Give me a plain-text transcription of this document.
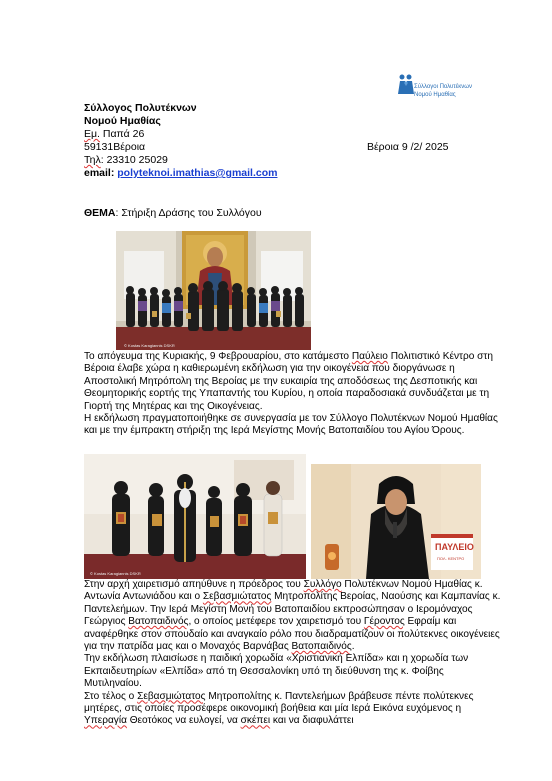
Σύλλογοι Πολυτέκνων
Νομού Ημαθίας
Σύλλογος Πολυτέκνων
Νομού Ημαθίας
Εμ. Παπά 26
59131Βέροια
Τηλ: 23310 25029
email: polyteknoi.imathias@gmail.com
Βέροια 9 /2/ 2025
ΘΕΜΑ: Στήριξη Δράσης του Συλλόγου
© Kostas Karagiannis DSKR

Το απόγευμα της Κυριακής, 9 Φεβρουαρίου, στο κατάμεστο Παύλειο Πολιτιστικό Κέντρο στη Βέροια έλαβε χώρα η καθιερωμένη εκδήλωση για την οικογένεια που διοργάνωσε η Αποστολική Μητρόπολη της Βεροίας με την ευκαιρία της αποδόσεως της Δεσποτικής και Θεομητορικής εορτής της Υπαπαντής του Κυρίου, η οποία παραδοσιακά συνδυάζεται με τη Γιορτή της Μητέρας και της Οικογένειας.

Η εκδήλωση πραγματοποιήθηκε σε συνεργασία με τον Σύλλογο Πολυτέκνων Νομού Ημαθίας και με την έμπρακτη στήριξη της Ιερά Μεγίστης Μονής Βατοπαιδίου του Αγίου Όρους.

© Kostas Karagiannis DSKR
ΠΑΥΛΕΙΟ
ΠΟΛ. ΚΕΝΤΡΟ

Στην αρχή χαιρετισμό απηύθυνε η πρόεδρος του Συλλόγο Πολυτέκνων Νομού Ημαθίας κ. Αντωνία Αντωνιάδου και ο Σεβασμιώτατος Μητροπολίτης Βεροίας, Ναούσης και Καμπανίας κ. Παντελεήμων. Την Ιερά Μεγίστη Μονή του Βατοπαιδίου εκπροσώπησαν ο Ιερομόναχος Γεώργιος Βατοπαιδινός, ο οποίος μετέφερε τον χαιρετισμό του Γέροντος Εφραίμ και αναφέρθηκε στον σπουδαίο και αναγκαίο ρόλο που διαδραματίζουν οι πολύτεκνες οικογένειες για την πατρίδα μας και ο Μοναχός Βαρνάβας Βατοπαιδινός.

Την εκδήλωση πλαισίωσε η παιδική χορωδία «Χριστιανική Ελπίδα» και η χορωδία των Εκπαιδευτηρίων «Ελπίδα» από τη Θεσσαλονίκη υπό τη διεύθυνση της κ. Φοίβης Μυτιληναίου.

Στο τέλος ο Σεβασμιώτατος Μητροπολίτης κ. Παντελεήμων βράβευσε πέντε πολύτεκνες μητέρες, στις οποίες προσέφερε οικονομική βοήθεια και μία Ιερά Εικόνα ευχόμενος η Υπεραγία Θεοτόκος να ευλογεί, να σκέπει και να διαφυλάττει
